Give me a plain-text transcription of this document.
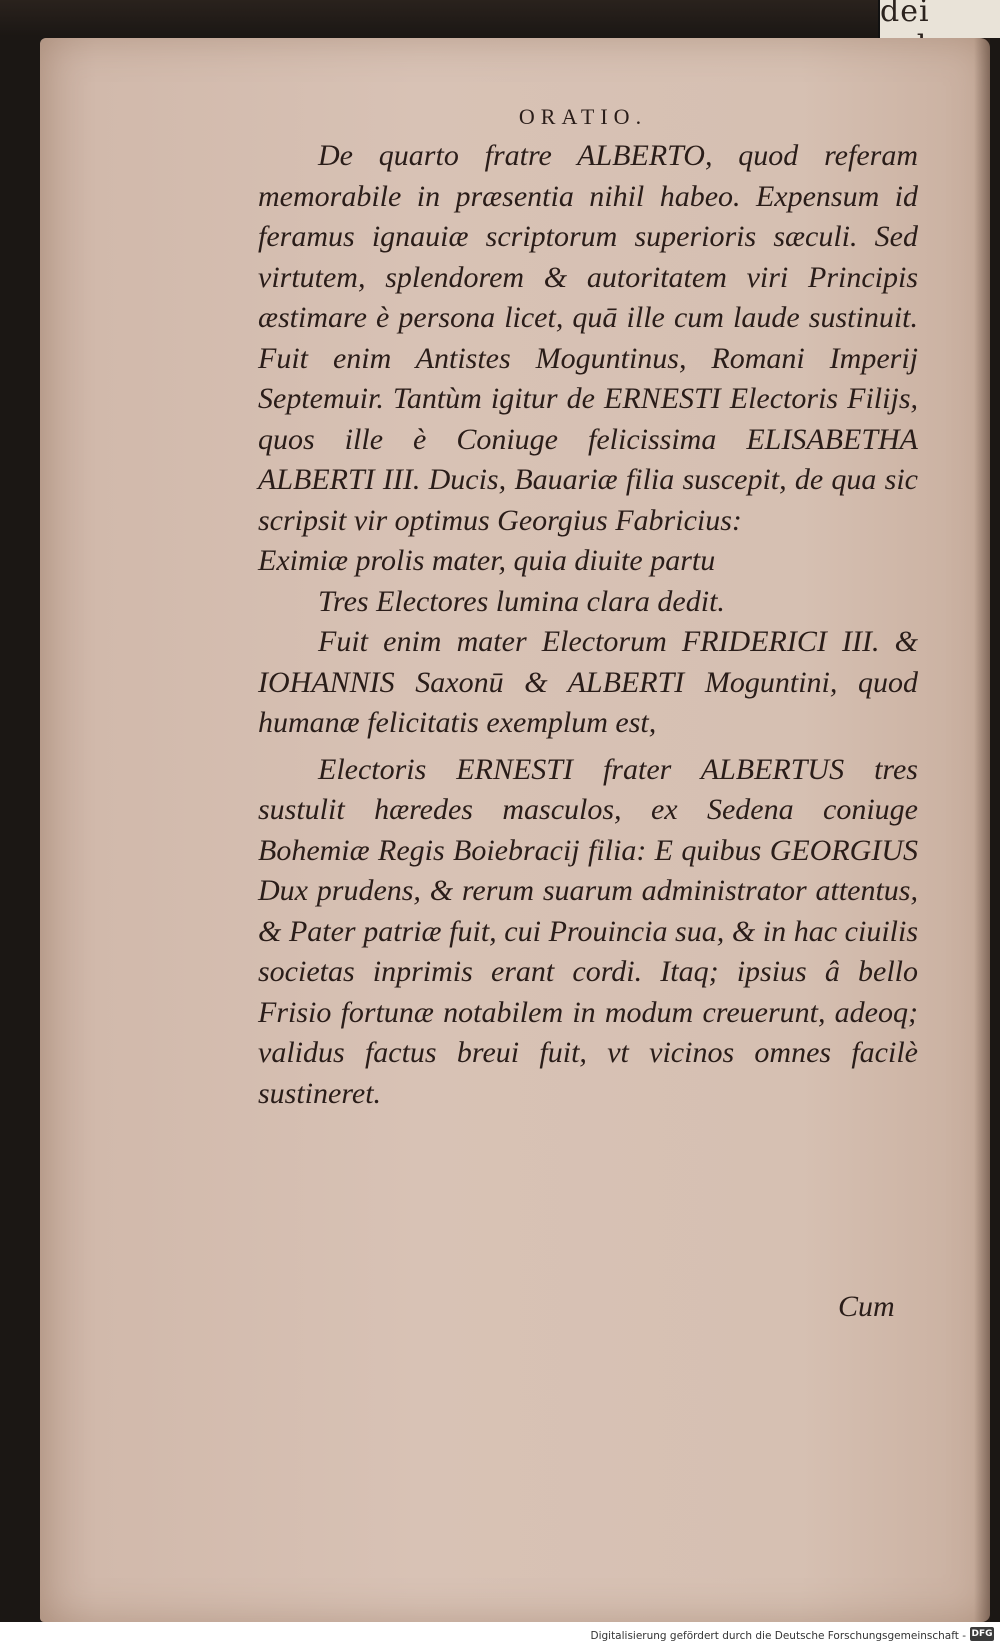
dei
ORATIO.

De quarto fratre ALBERTO, quod referam memorabile in præsentia nihil habeo. Expensum id feramus ignauiæ scriptorum superioris sæculi. Sed virtutem, splendorem & autoritatem viri Principis æstimare è persona licet, quā ille cum laude sustinuit. Fuit enim Antistes Moguntinus, Romani Imperij Septemuir. Tantùm igitur de ERNESTI Electoris Filijs, quos ille è Coniuge felicissima ELISABETHA ALBERTI III. Ducis, Bauariæ filia suscepit, de qua sic scripsit vir optimus Georgius Fabricius:

Eximiæ prolis mater, quia diuite partu

Tres Electores lumina clara dedit.

Fuit enim mater Electorum FRIDERICI III. & IOHANNIS Saxonū & ALBERTI Moguntini, quod humanæ felicitatis exemplum est,

Electoris ERNESTI frater ALBERTUS tres sustulit hæredes masculos, ex Sedena coniuge Bohemiæ Regis Boiebracij filia: E quibus GEORGIUS Dux prudens, & rerum suarum administrator attentus, & Pater patriæ fuit, cui Prouincia sua, & in hac ciuilis societas inprimis erant cordi. Itaq; ipsius â bello Frisio fortunæ notabilem in modum creuerunt, adeoq; validus factus breui fuit, vt vicinos omnes facilè sustineret.

Cum
Digitalisierung gefördert durch die Deutsche Forschungsgemeinschaft - DFG
